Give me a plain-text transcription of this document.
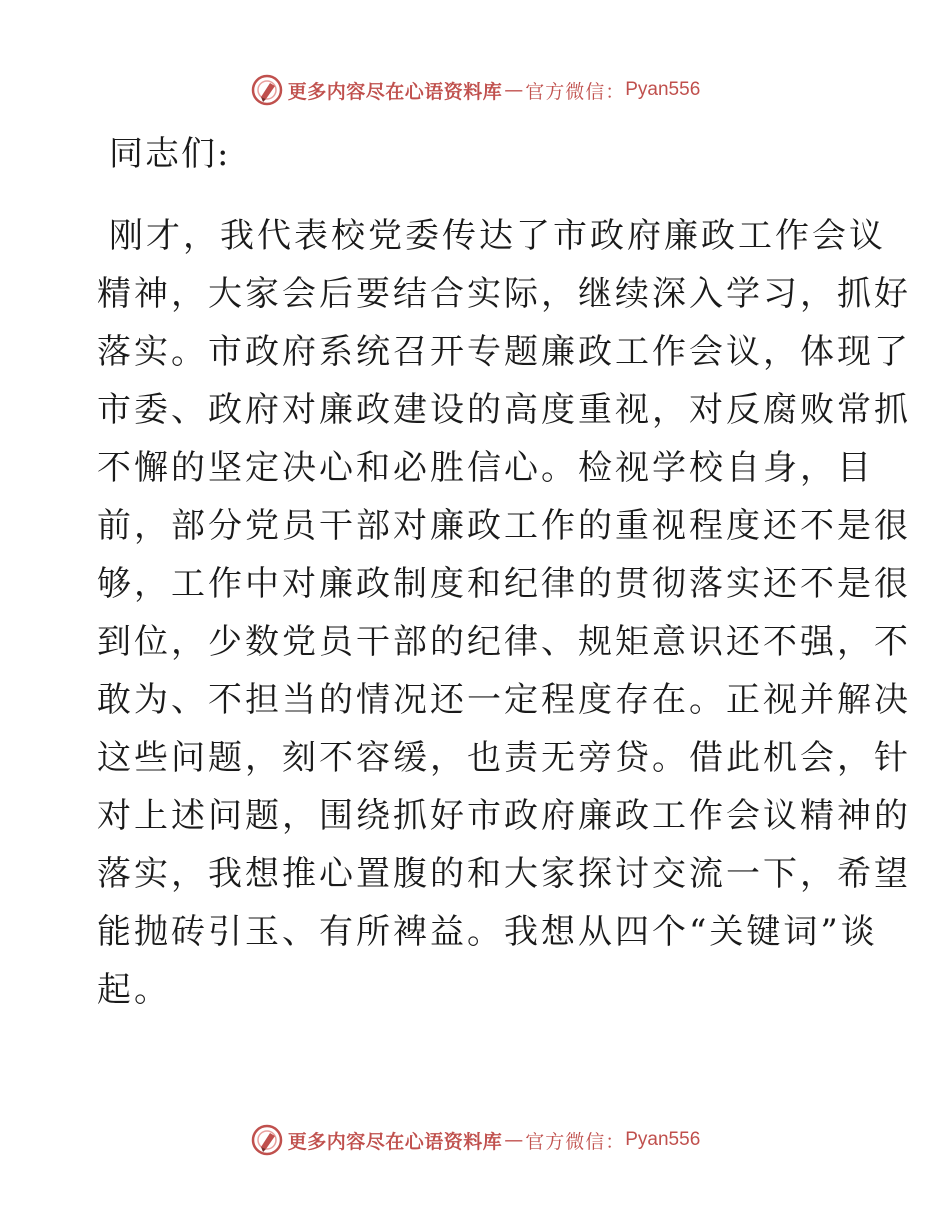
更多内容尽在心语资料库 — 官方微信： Pyan556
同志们:
刚才，我代表校党委传达了市政府廉政工作会议
精神，大家会后要结合实际，继续深入学习，抓好
落实。市政府系统召开专题廉政工作会议，体现了
市委、政府对廉政建设的高度重视，对反腐败常抓
不懈的坚定决心和必胜信心。检视学校自身，目
前，部分党员干部对廉政工作的重视程度还不是很
够，工作中对廉政制度和纪律的贯彻落实还不是很
到位，少数党员干部的纪律、规矩意识还不强，不
敢为、不担当的情况还一定程度存在。正视并解决
这些问题，刻不容缓，也责无旁贷。借此机会，针
对上述问题，围绕抓好市政府廉政工作会议精神的
落实，我想推心置腹的和大家探讨交流一下，希望
能抛砖引玉、有所裨益。我想从四个“关键词”谈
起。
更多内容尽在心语资料库 — 官方微信： Pyan556
